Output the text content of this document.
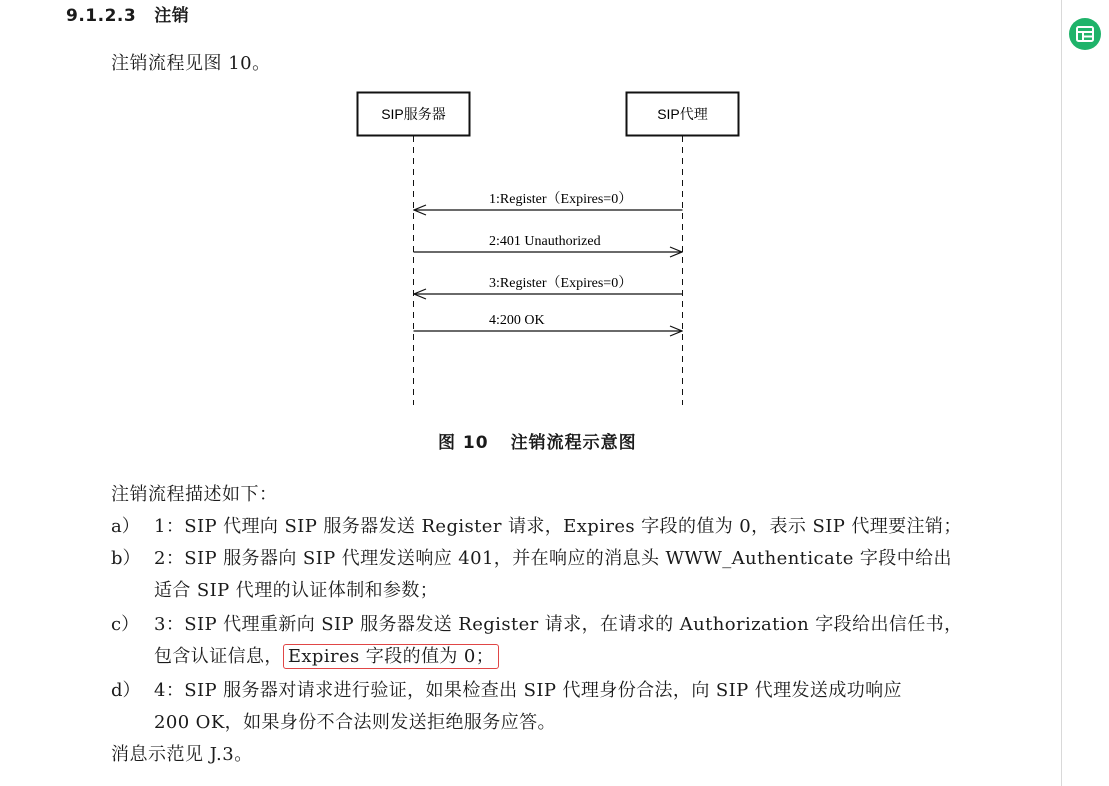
9.1.2.3 注销
注销流程见图 10。
SIP服务器	SIP代理
1:Register（Expires=0）
2:401 Unauthorized
3:Register（Expires=0）
4:200 OK
图 10 注销流程示意图
注销流程描述如下：
a） 1：SIP 代理向 SIP 服务器发送 Register 请求，Expires 字段的值为 0，表示 SIP 代理要注销；
b） 2：SIP 服务器向 SIP 代理发送响应 401，并在响应的消息头 WWW_Authenticate 字段中给出
适合 SIP 代理的认证体制和参数；
c） 3：SIP 代理重新向 SIP 服务器发送 Register 请求，在请求的 Authorization 字段给出信任书，
包含认证信息， Expires 字段的值为 0；
d） 4：SIP 服务器对请求进行验证，如果检查出 SIP 代理身份合法，向 SIP 代理发送成功响应
200 OK，如果身份不合法则发送拒绝服务应答。
消息示范见 J.3。
